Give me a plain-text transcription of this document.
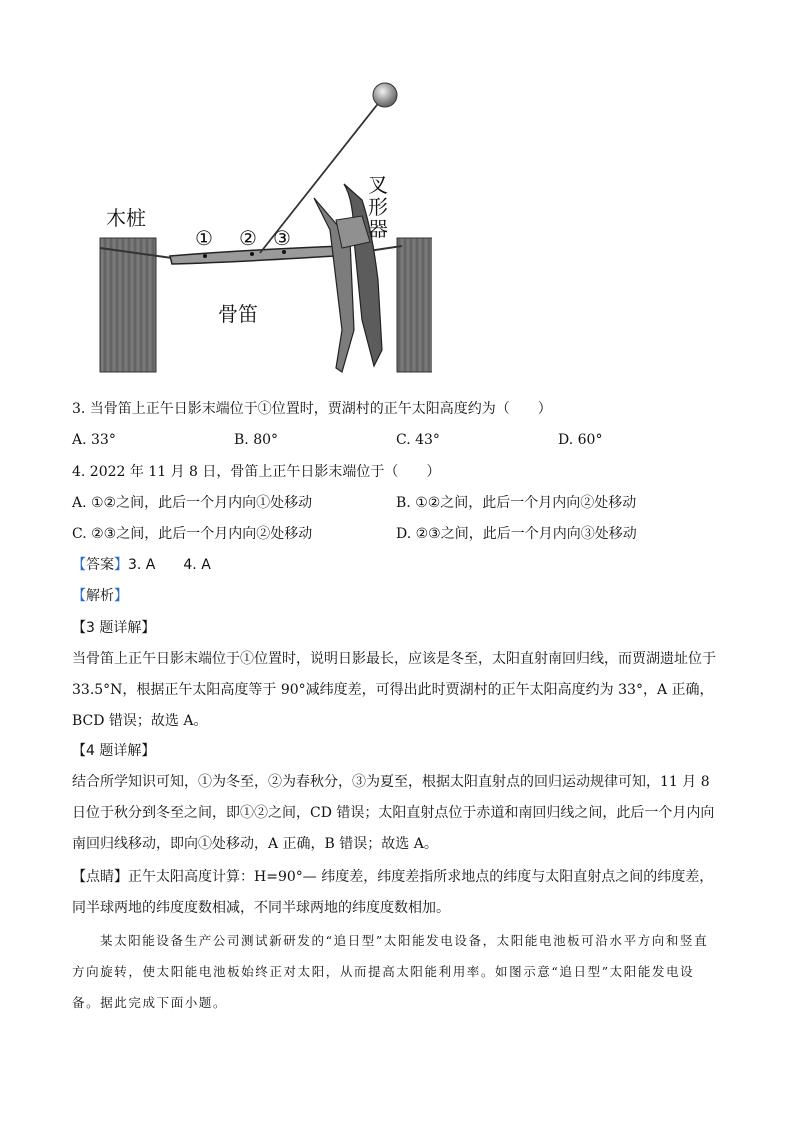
木桩
叉形器
骨笛
① ② ③
3. 当骨笛上正午日影末端位于①位置时，贾湖村的正午太阳高度约为（　　）
A. 33°	B. 80°	C. 43°	D. 60°
4. 2022 年 11 月 8 日，骨笛上正午日影末端位于（　　）
A. ①②之间，此后一个月内向①处移动	B. ①②之间，此后一个月内向②处移动
C. ②③之间，此后一个月内向②处移动	D. ②③之间，此后一个月内向③处移动
【答案】3. A　　4. A
【解析】
【3 题详解】
当骨笛上正午日影末端位于①位置时，说明日影最长，应该是冬至，太阳直射南回归线，而贾湖遗址位于 33.5°N，根据正午太阳高度等于 90°减纬度差，可得出此时贾湖村的正午太阳高度约为 33°，A 正确，BCD 错误；故选 A。
【4 题详解】
结合所学知识可知，①为冬至，②为春秋分，③为夏至，根据太阳直射点的回归运动规律可知，11 月 8 日位于秋分到冬至之间，即①②之间，CD 错误；太阳直射点位于赤道和南回归线之间，此后一个月内向南回归线移动，即向①处移动，A 正确，B 错误；故选 A。
【点睛】正午太阳高度计算：H=90°— 纬度差，纬度差指所求地点的纬度与太阳直射点之间的纬度差，同半球两地的纬度度数相减，不同半球两地的纬度度数相加。
某太阳能设备生产公司测试新研发的“追日型”太阳能发电设备，太阳能电池板可沿水平方向和竖直方向旋转，使太阳能电池板始终正对太阳，从而提高太阳能利用率。如图示意“追日型”太阳能发电设备。据此完成下面小题。
